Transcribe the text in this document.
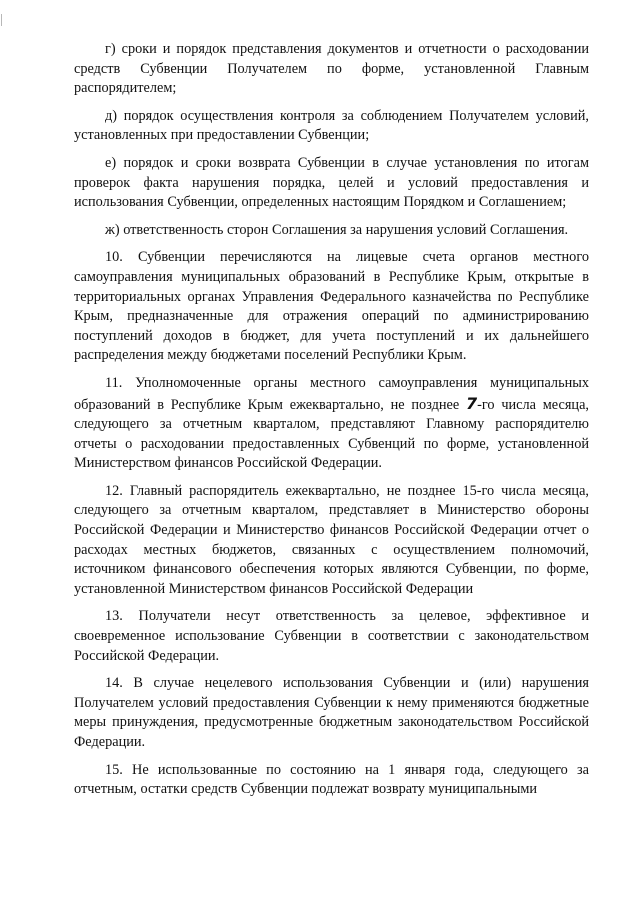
г) сроки и порядок представления документов и отчетности о расходовании средств Субвенции Получателем по форме, установленной Главным распорядителем;

д) порядок осуществления контроля за соблюдением Получателем условий, установленных при предоставлении Субвенции;

е) порядок и сроки возврата Субвенции в случае установления по итогам проверок факта нарушения порядка, целей и условий предоставления и использования Субвенции, определенных настоящим Порядком и Соглашением;

ж) ответственность сторон Соглашения за нарушения условий Соглашения.

10. Субвенции перечисляются на лицевые счета органов местного самоуправления муниципальных образований в Республике Крым, открытые в территориальных органах Управления Федерального казначейства по Республике Крым, предназначенные для отражения операций по администрированию поступлений доходов в бюджет, для учета поступлений и их дальнейшего распределения между бюджетами поселений Республики Крым.

11. Уполномоченные органы местного самоуправления муниципальных образований в Республике Крым ежеквартально, не позднее 7-го числа месяца, следующего за отчетным кварталом, представляют Главному распорядителю отчеты о расходовании предоставленных Субвенций по форме, установленной Министерством финансов Российской Федерации.

12. Главный распорядитель ежеквартально, не позднее 15-го числа месяца, следующего за отчетным кварталом, представляет в Министерство обороны Российской Федерации и Министерство финансов Российской Федерации отчет о расходах местных бюджетов, связанных с осуществлением полномочий, источником финансового обеспечения которых являются Субвенции, по форме, установленной Министерством финансов Российской Федерации

13. Получатели несут ответственность за целевое, эффективное и своевременное использование Субвенции в соответствии с законодательством Российской Федерации.

14. В случае нецелевого использования Субвенции и (или) нарушения Получателем условий предоставления Субвенции к нему применяются бюджетные меры принуждения, предусмотренные бюджетным законодательством Российской Федерации.

15. Не использованные по состоянию на 1 января года, следующего за отчетным, остатки средств Субвенции подлежат возврату муниципальными
